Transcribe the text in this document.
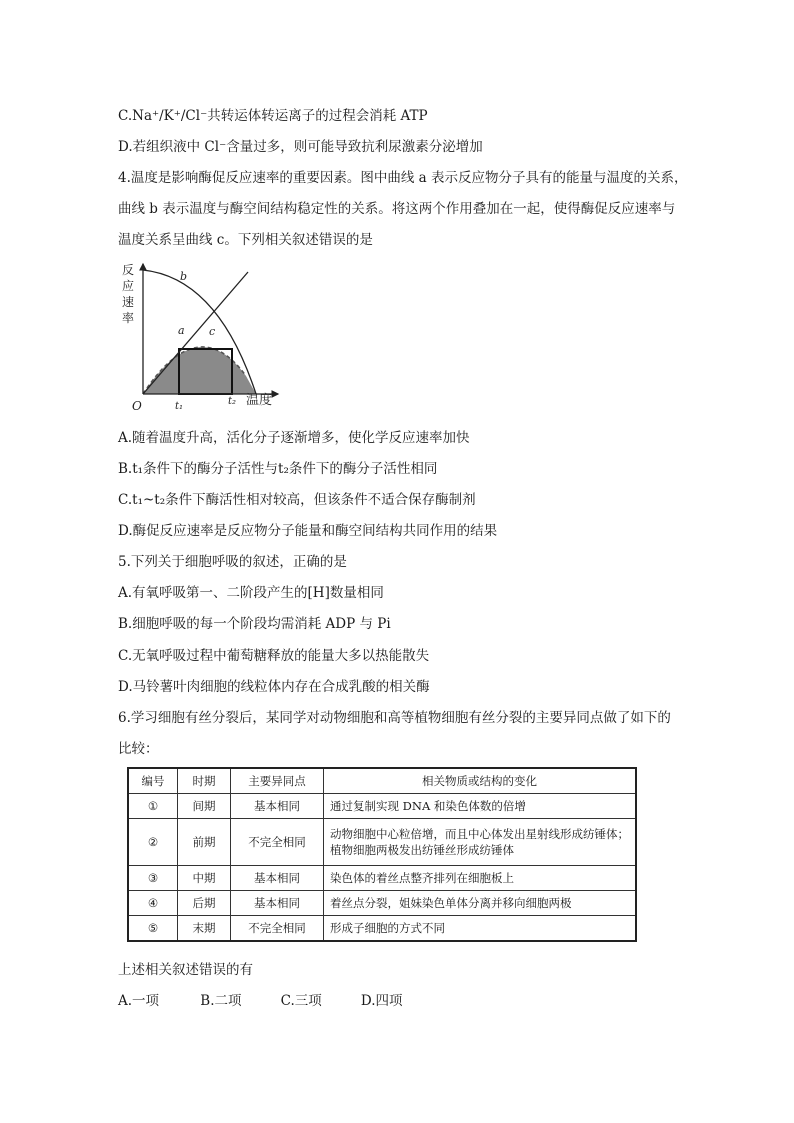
C.Na⁺/K⁺/Cl⁻共转运体转运离子的过程会消耗 ATP
D.若组织液中 Cl⁻含量过多，则可能导致抗利尿激素分泌增加
4.温度是影响酶促反应速率的重要因素。图中曲线 a 表示反应物分子具有的能量与温度的关系，
曲线 b 表示温度与酶空间结构稳定性的关系。将这两个作用叠加在一起，使得酶促反应速率与
温度关系呈曲线 c。下列相关叙述错误的是
反
应
速
率
O	温度
a
b
c
t₁	t₂
A.随着温度升高，活化分子逐渐增多，使化学反应速率加快
B.t₁条件下的酶分子活性与t₂条件下的酶分子活性相同
C.t₁~t₂条件下酶活性相对较高，但该条件不适合保存酶制剂
D.酶促反应速率是反应物分子能量和酶空间结构共同作用的结果
5.下列关于细胞呼吸的叙述，正确的是
A.有氧呼吸第一、二阶段产生的[H]数量相同
B.细胞呼吸的每一个阶段均需消耗 ADP 与 Pi
C.无氧呼吸过程中葡萄糖释放的能量大多以热能散失
D.马铃薯叶肉细胞的线粒体内存在合成乳酸的相关酶
6.学习细胞有丝分裂后，某同学对动物细胞和高等植物细胞有丝分裂的主要异同点做了如下的
比较：
编号	时期	主要异同点	相关物质或结构的变化
①	间期	基本相同	通过复制实现 DNA 和染色体数的倍增
②	前期	不完全相同	动物细胞中心粒倍增，而且中心体发出星射线形成纺锤体；
植物细胞两极发出纺锤丝形成纺锤体

③	中期	基本相同	染色体的着丝点整齐排列在细胞板上
④	后期	基本相同	着丝点分裂，姐妹染色单体分离并移向细胞两极
⑤	末期	不完全相同	形成子细胞的方式不同
上述相关叙述错误的有
A.一项	B.二项	C.三项	D.四项
